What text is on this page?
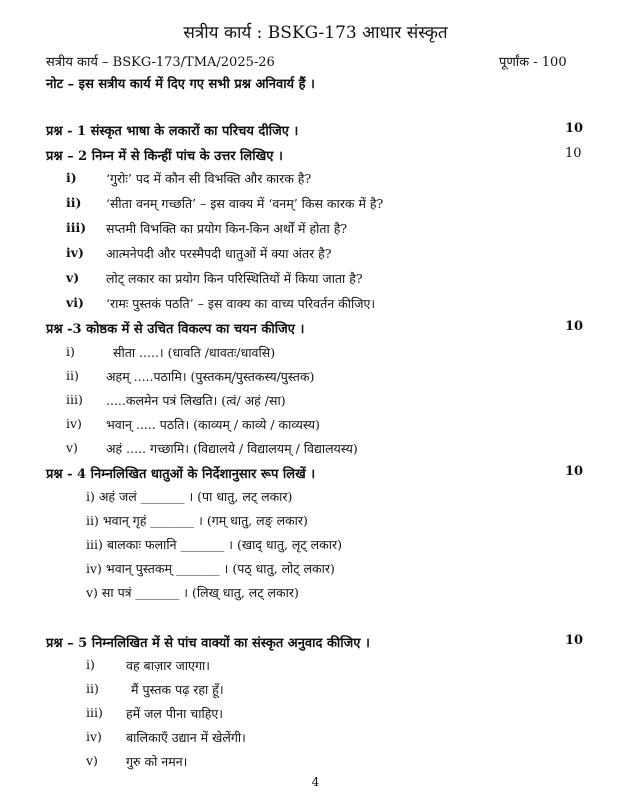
सत्रीय कार्य : BSKG-173 आधार संस्कृत
सत्रीय कार्य – BSKG-173/TMA/2025-26	पूर्णांक - 100
नोट – इस सत्रीय कार्य में दिए गए सभी प्रश्न अनिवार्य हैं ।
प्रश्न - 1 संस्कृत भाषा के लकारों का परिचय दीजिए ।	10
प्रश्न – 2 निम्न में से किन्हीं पांच के उत्तर लिखिए ।	10
i) ‘गुरोः’ पद में कौन सी विभक्ति और कारक है?
ii) ‘सीता वनम् गच्छति’ – इस वाक्य में ‘वनम्’ किस कारक में है?
iii) सप्तमी विभक्ति का प्रयोग किन-किन अर्थों में होता है?
iv) आत्मनेपदी और परस्मैपदी धातुओं में क्या अंतर है?
v) लोट् लकार का प्रयोग किन परिस्थितियों में किया जाता है?
vi) ‘रामः पुस्तकं पठति’ – इस वाक्य का वाच्य परिवर्तन कीजिए।
प्रश्न -3 कोष्ठक में से उचित विकल्प का चयन कीजिए ।	10
i)	सीता .....। (धावति /धावतः/धावसि)
ii) अहम् .....पठामि। (पुस्तकम्/पुस्तकस्य/पुस्तक)
iii) .....कलमेन पत्रं लिखति। (त्वं/ अहं /सा)
iv) भवान् ..... पठति। (काव्यम् / काव्ये / काव्यस्य)
v) अहं ..... गच्छामि। (विद्यालये / विद्यालयम् / विद्यालयस्य)
प्रश्न - 4 निम्नलिखित धातुओं के निर्देशानुसार रूप लिखें ।	10
i) अहं जलं _______ । (पा धातु, लट् लकार)
ii) भवान् गृहं _______ । (गम् धातु, लङ् लकार)
iii) बालकाः फलानि _______ । (खाद् धातु, लृट् लकार)
iv) भवान् पुस्तकम् _______ । (पठ् धातु, लोट् लकार)
v) सा पत्रं _______ । (लिख् धातु, लट् लकार)
प्रश्न – 5 निम्नलिखित में से पांच वाक्यों का संस्कृत अनुवाद कीजिए ।	10
i) वह बाज़ार जाएगा।
ii)	मैं पुस्तक पढ़ रहा हूँ।
iii) हमें जल पीना चाहिए।
iv) बालिकाएँ उद्यान में खेलेंगी।
v) गुरु को नमन।
4
